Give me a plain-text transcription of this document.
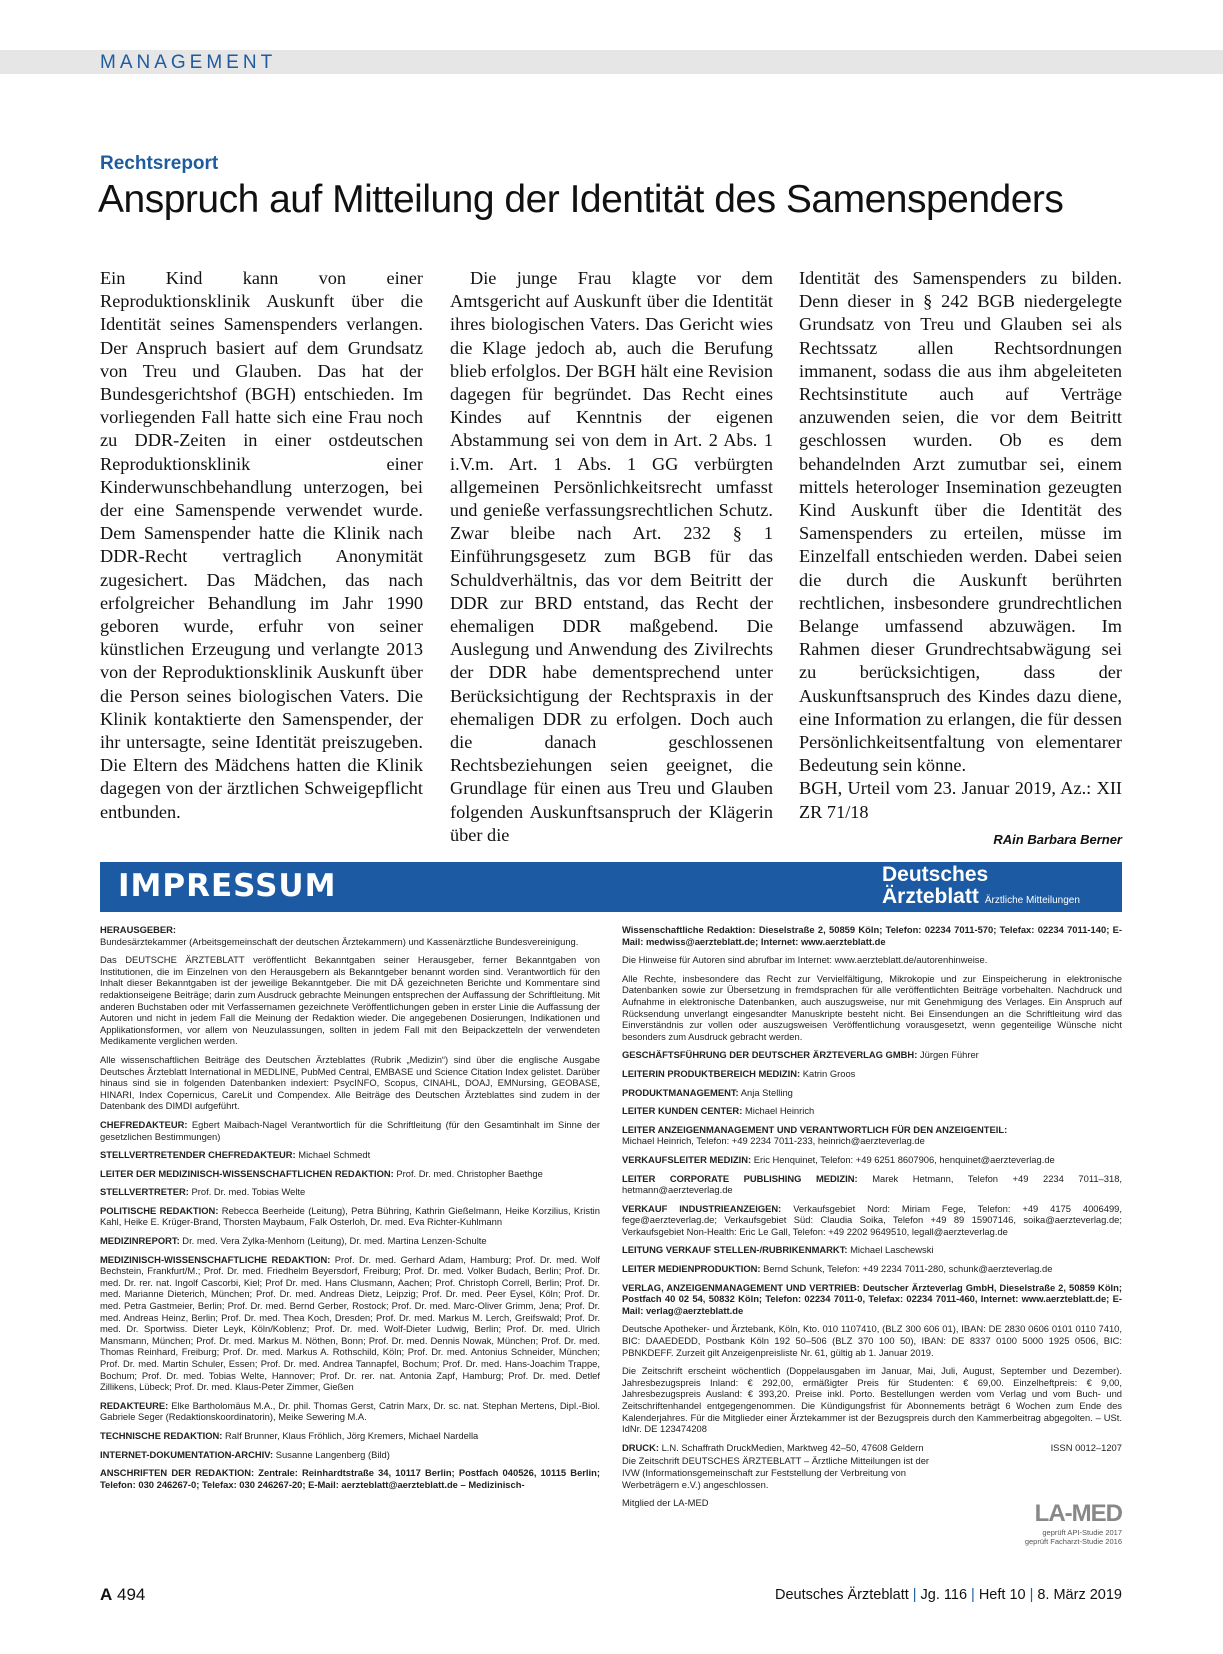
MANAGEMENT
Rechtsreport
Anspruch auf Mitteilung der Identität des Samenspenders
Ein Kind kann von einer Reproduktionsklinik Auskunft über die Identität seines Samenspenders verlangen. Der Anspruch basiert auf dem Grundsatz von Treu und Glauben. Das hat der Bundesgerichtshof (BGH) entschieden. Im vorliegenden Fall hatte sich eine Frau noch zu DDR-Zeiten in einer ostdeutschen Reproduktionsklinik einer Kinderwunschbehandlung unterzogen, bei der eine Samenspende verwendet wurde. Dem Samenspender hatte die Klinik nach DDR-Recht vertraglich Anonymität zugesichert. Das Mädchen, das nach erfolgreicher Behandlung im Jahr 1990 geboren wurde, erfuhr von seiner künstlichen Erzeugung und verlangte 2013 von der Reproduktionsklinik Auskunft über die Person seines biologischen Vaters. Die Klinik kontaktierte den Samenspender, der ihr untersagte, seine Identität preiszugeben. Die Eltern des Mädchens hatten die Klinik dagegen von der ärztlichen Schweigepflicht entbunden.
Die junge Frau klagte vor dem Amtsgericht auf Auskunft über die Identität ihres biologischen Vaters. Das Gericht wies die Klage jedoch ab, auch die Berufung blieb erfolglos. Der BGH hält eine Revision dagegen für begründet. Das Recht eines Kindes auf Kenntnis der eigenen Abstammung sei von dem in Art. 2 Abs. 1 i.V.m. Art. 1 Abs. 1 GG verbürgten allgemeinen Persönlichkeitsrecht umfasst und genieße verfassungsrechtlichen Schutz. Zwar bleibe nach Art. 232 § 1 Einführungsgesetz zum BGB für das Schuldverhältnis, das vor dem Beitritt der DDR zur BRD entstand, das Recht der ehemaligen DDR maßgebend. Die Auslegung und Anwendung des Zivilrechts der DDR habe dementsprechend unter Berücksichtigung der Rechtspraxis in der ehemaligen DDR zu erfolgen. Doch auch die danach geschlossenen Rechtsbeziehungen seien geeignet, die Grundlage für einen aus Treu und Glauben folgenden Auskunftsanspruch der Klägerin über die
Identität des Samenspenders zu bilden. Denn dieser in § 242 BGB niedergelegte Grundsatz von Treu und Glauben sei als Rechtssatz allen Rechtsordnungen immanent, sodass die aus ihm abgeleiteten Rechtsinstitute auch auf Verträge anzuwenden seien, die vor dem Beitritt geschlossen wurden. Ob es dem behandelnden Arzt zumutbar sei, einem mittels heterologer Insemination gezeugten Kind Auskunft über die Identität des Samenspenders zu erteilen, müsse im Einzelfall entschieden werden. Dabei seien die durch die Auskunft berührten rechtlichen, insbesondere grundrechtlichen Belange umfassend abzuwägen. Im Rahmen dieser Grundrechtsabwägung sei zu berücksichtigen, dass der Auskunftsanspruch des Kindes dazu diene, eine Information zu erlangen, die für dessen Persönlichkeitsentfaltung von elementarer Bedeutung sein könne.
BGH, Urteil vom 23. Januar 2019, Az.: XII ZR 71/18
RAin Barbara Berner
IMPRESSUM	Deutsches
Ärzteblatt Ärztliche Mitteilungen

HERAUSGEBER:
Bundesärztekammer (Arbeitsgemeinschaft der deutschen Ärztekammern) und Kassenärztliche Bundesvereinigung.

Das DEUTSCHE ÄRZTEBLATT veröffentlicht Bekanntgaben seiner Herausgeber, ferner Bekanntgaben von Institutionen, die im Einzelnen von den Herausgebern als Bekanntgeber benannt worden sind. Verantwortlich für den Inhalt dieser Bekanntgaben ist der jeweilige Bekanntgeber. Die mit DÄ gezeichneten Berichte und Kommentare sind redaktionseigene Beiträge; darin zum Ausdruck gebrachte Meinungen entsprechen der Auffassung der Schriftleitung. Mit anderen Buchstaben oder mit Verfassernamen gezeichnete Veröffentlichungen geben in erster Linie die Auffassung der Autoren und nicht in jedem Fall die Meinung der Redaktion wieder. Die angegebenen Dosierungen, Indikationen und Applikationsformen, vor allem von Neuzulassungen, sollten in jedem Fall mit den Beipackzetteln der verwendeten Medikamente verglichen werden.

Alle wissenschaftlichen Beiträge des Deutschen Ärzteblattes (Rubrik „Medizin“) sind über die englische Ausgabe Deutsches Ärzteblatt International in MEDLINE, PubMed Central, EMBASE und Science Citation Index gelistet. Darüber hinaus sind sie in folgenden Datenbanken indexiert: PsycINFO, Scopus, CINAHL, DOAJ, EMNursing, GEOBASE, HINARI, Index Copernicus, CareLit und Compendex. Alle Beiträge des Deutschen Ärzteblattes sind zudem in der Datenbank des DIMDI aufgeführt.

CHEFREDAKTEUR: Egbert Maibach-Nagel Verantwortlich für die Schriftleitung (für den Gesamtinhalt im Sinne der gesetzlichen Bestimmungen)

STELLVERTRETENDER CHEFREDAKTEUR: Michael Schmedt

LEITER DER MEDIZINISCH-WISSENSCHAFTLICHEN REDAKTION: Prof. Dr. med. Christopher Baethge

STELLVERTRETER: Prof. Dr. med. Tobias Welte

POLITISCHE REDAKTION: Rebecca Beerheide (Leitung), Petra Bühring, Kathrin Gießelmann, Heike Korzilius, Kristin Kahl, Heike E. Krüger-Brand, Thorsten Maybaum, Falk Osterloh, Dr. med. Eva Richter-Kuhlmann

MEDIZINREPORT: Dr. med. Vera Zylka-Menhorn (Leitung), Dr. med. Martina Lenzen-Schulte

MEDIZINISCH-WISSENSCHAFTLICHE REDAKTION: Prof. Dr. med. Gerhard Adam, Hamburg; Prof. Dr. med. Wolf Bechstein, Frankfurt/M.; Prof. Dr. med. Friedhelm Beyersdorf, Freiburg; Prof. Dr. med. Volker Budach, Berlin; Prof. Dr. med. Dr. rer. nat. Ingolf Cascorbi, Kiel; Prof Dr. med. Hans Clusmann, Aachen; Prof. Christoph Correll, Berlin; Prof. Dr. med. Marianne Dieterich, München; Prof. Dr. med. Andreas Dietz, Leipzig; Prof. Dr. med. Peer Eysel, Köln; Prof. Dr. med. Petra Gastmeier, Berlin; Prof. Dr. med. Bernd Gerber, Rostock; Prof. Dr. med. Marc-Oliver Grimm, Jena; Prof. Dr. med. Andreas Heinz, Berlin; Prof. Dr. med. Thea Koch, Dresden; Prof. Dr. med. Markus M. Lerch, Greifswald; Prof. Dr. med. Dr. Sportwiss. Dieter Leyk, Köln/Koblenz; Prof. Dr. med. Wolf-Dieter Ludwig, Berlin; Prof. Dr. med. Ulrich Mansmann, München; Prof. Dr. med. Markus M. Nöthen, Bonn; Prof. Dr. med. Dennis Nowak, München; Prof. Dr. med. Thomas Reinhard, Freiburg; Prof. Dr. med. Markus A. Rothschild, Köln; Prof. Dr. med. Antonius Schneider, München; Prof. Dr. med. Martin Schuler, Essen; Prof. Dr. med. Andrea Tannapfel, Bochum; Prof. Dr. med. Hans-Joachim Trappe, Bochum; Prof. Dr. med. Tobias Welte, Hannover; Prof. Dr. rer. nat. Antonia Zapf, Hamburg; Prof. Dr. med. Detlef Zillikens, Lübeck; Prof. Dr. med. Klaus-Peter Zimmer, Gießen

REDAKTEURE: Elke Bartholomäus M.A., Dr. phil. Thomas Gerst, Catrin Marx, Dr. sc. nat. Stephan Mertens, Dipl.-Biol. Gabriele Seger (Redaktionskoordinatorin), Meike Sewering M.A.

TECHNISCHE REDAKTION: Ralf Brunner, Klaus Fröhlich, Jörg Kremers, Michael Nardella

INTERNET-DOKUMENTATION-ARCHIV: Susanne Langenberg (Bild)

ANSCHRIFTEN DER REDAKTION: Zentrale: Reinhardtstraße 34, 10117 Berlin; Postfach 040526, 10115 Berlin; Telefon: 030 246267-0; Telefax: 030 246267-20; E-Mail: aerzteblatt@aerzteblatt.de – Medizinisch-

Wissenschaftliche Redaktion: Dieselstraße 2, 50859 Köln; Telefon: 02234 7011-570; Telefax: 02234 7011-140; E-Mail: medwiss@aerzteblatt.de; Internet: www.aerzteblatt.de

Die Hinweise für Autoren sind abrufbar im Internet: www.aerzteblatt.de/autorenhinweise.

Alle Rechte, insbesondere das Recht zur Vervielfältigung, Mikrokopie und zur Einspeicherung in elektronische Datenbanken sowie zur Übersetzung in fremdsprachen für alle veröffentlichten Beiträge vorbehalten. Nachdruck und Aufnahme in elektronische Datenbanken, auch auszugsweise, nur mit Genehmigung des Verlages. Ein Anspruch auf Rücksendung unverlangt eingesandter Manuskripte besteht nicht. Bei Einsendungen an die Schriftleitung wird das Einverständnis zur vollen oder auszugsweisen Veröffentlichung vorausgesetzt, wenn gegenteilige Wünsche nicht besonders zum Ausdruck gebracht werden.

GESCHÄFTSFÜHRUNG DER DEUTSCHER ÄRZTEVERLAG GMBH: Jürgen Führer

LEITERIN PRODUKTBEREICH MEDIZIN: Katrin Groos

PRODUKTMANAGEMENT: Anja Stelling

LEITER KUNDEN CENTER: Michael Heinrich

LEITER ANZEIGENMANAGEMENT UND VERANTWORTLICH FÜR DEN ANZEIGENTEIL:
Michael Heinrich, Telefon: +49 2234 7011-233, heinrich@aerzteverlag.de

VERKAUFSLEITER MEDIZIN: Eric Henquinet, Telefon: +49 6251 8607906, henquinet@aerzteverlag.de

LEITER CORPORATE PUBLISHING MEDIZIN: Marek Hetmann, Telefon +49 2234 7011–318, hetmann@aerzteverlag.de

VERKAUF INDUSTRIEANZEIGEN: Verkaufsgebiet Nord: Miriam Fege, Telefon: +49 4175 4006499, fege@aerzteverlag.de; Verkaufsgebiet Süd: Claudia Soika, Telefon +49 89 15907146, soika@aerzteverlag.de; Verkaufsgebiet Non-Health: Eric Le Gall, Telefon: +49 2202 9649510, legall@aerzteverlag.de

LEITUNG VERKAUF STELLEN-/RUBRIKENMARKT: Michael Laschewski

LEITER MEDIENPRODUKTION: Bernd Schunk, Telefon: +49 2234 7011-280, schunk@aerzteverlag.de

VERLAG, ANZEIGENMANAGEMENT UND VERTRIEB: Deutscher Ärzteverlag GmbH, Dieselstraße 2, 50859 Köln; Postfach 40 02 54, 50832 Köln; Telefon: 02234 7011-0, Telefax: 02234 7011-460, Internet: www.aerzteblatt.de; E-Mail: verlag@aerzteblatt.de

Deutsche Apotheker- und Ärztebank, Köln, Kto. 010 1107410, (BLZ 300 606 01), IBAN: DE 2830 0606 0101 0110 7410, BIC: DAAEDEDD, Postbank Köln 192 50–506 (BLZ 370 100 50), IBAN: DE 8337 0100 5000 1925 0506, BIC: PBNKDEFF. Zurzeit gilt Anzeigenpreisliste Nr. 61, gültig ab 1. Januar 2019.

Die Zeitschrift erscheint wöchentlich (Doppelausgaben im Januar, Mai, Juli, August, September und Dezember). Jahresbezugspreis Inland: € 292,00, ermäßigter Preis für Studenten: € 69,00. Einzelheftpreis: € 9,00, Jahresbezugspreis Ausland: € 393,20. Preise inkl. Porto. Bestellungen werden vom Verlag und vom Buch- und Zeitschriftenhandel entgegengenommen. Die Kündigungsfrist für Abonnements beträgt 6 Wochen zum Ende des Kalenderjahres. Für die Mitglieder einer Ärztekammer ist der Bezugspreis durch den Kammerbeitrag abgegolten. – USt. IdNr. DE 123474208

DRUCK: L.N. Schaffrath DruckMedien, Marktweg 42–50, 47608 Geldern	ISSN 0012–1207

Die Zeitschrift DEUTSCHES ÄRZTEBLATT – Ärztliche Mitteilungen ist der IVW (Informationsgemeinschaft zur Feststellung der Verbreitung von Werbeträgern e.V.) angeschlossen.

Mitglied der LA-MED	LA-MED
geprüft API-Studie 2017
geprüft Facharzt-Studie 2016
A 494	Deutsches Ärzteblatt | Jg. 116 | Heft 10 | 8. März 2019
